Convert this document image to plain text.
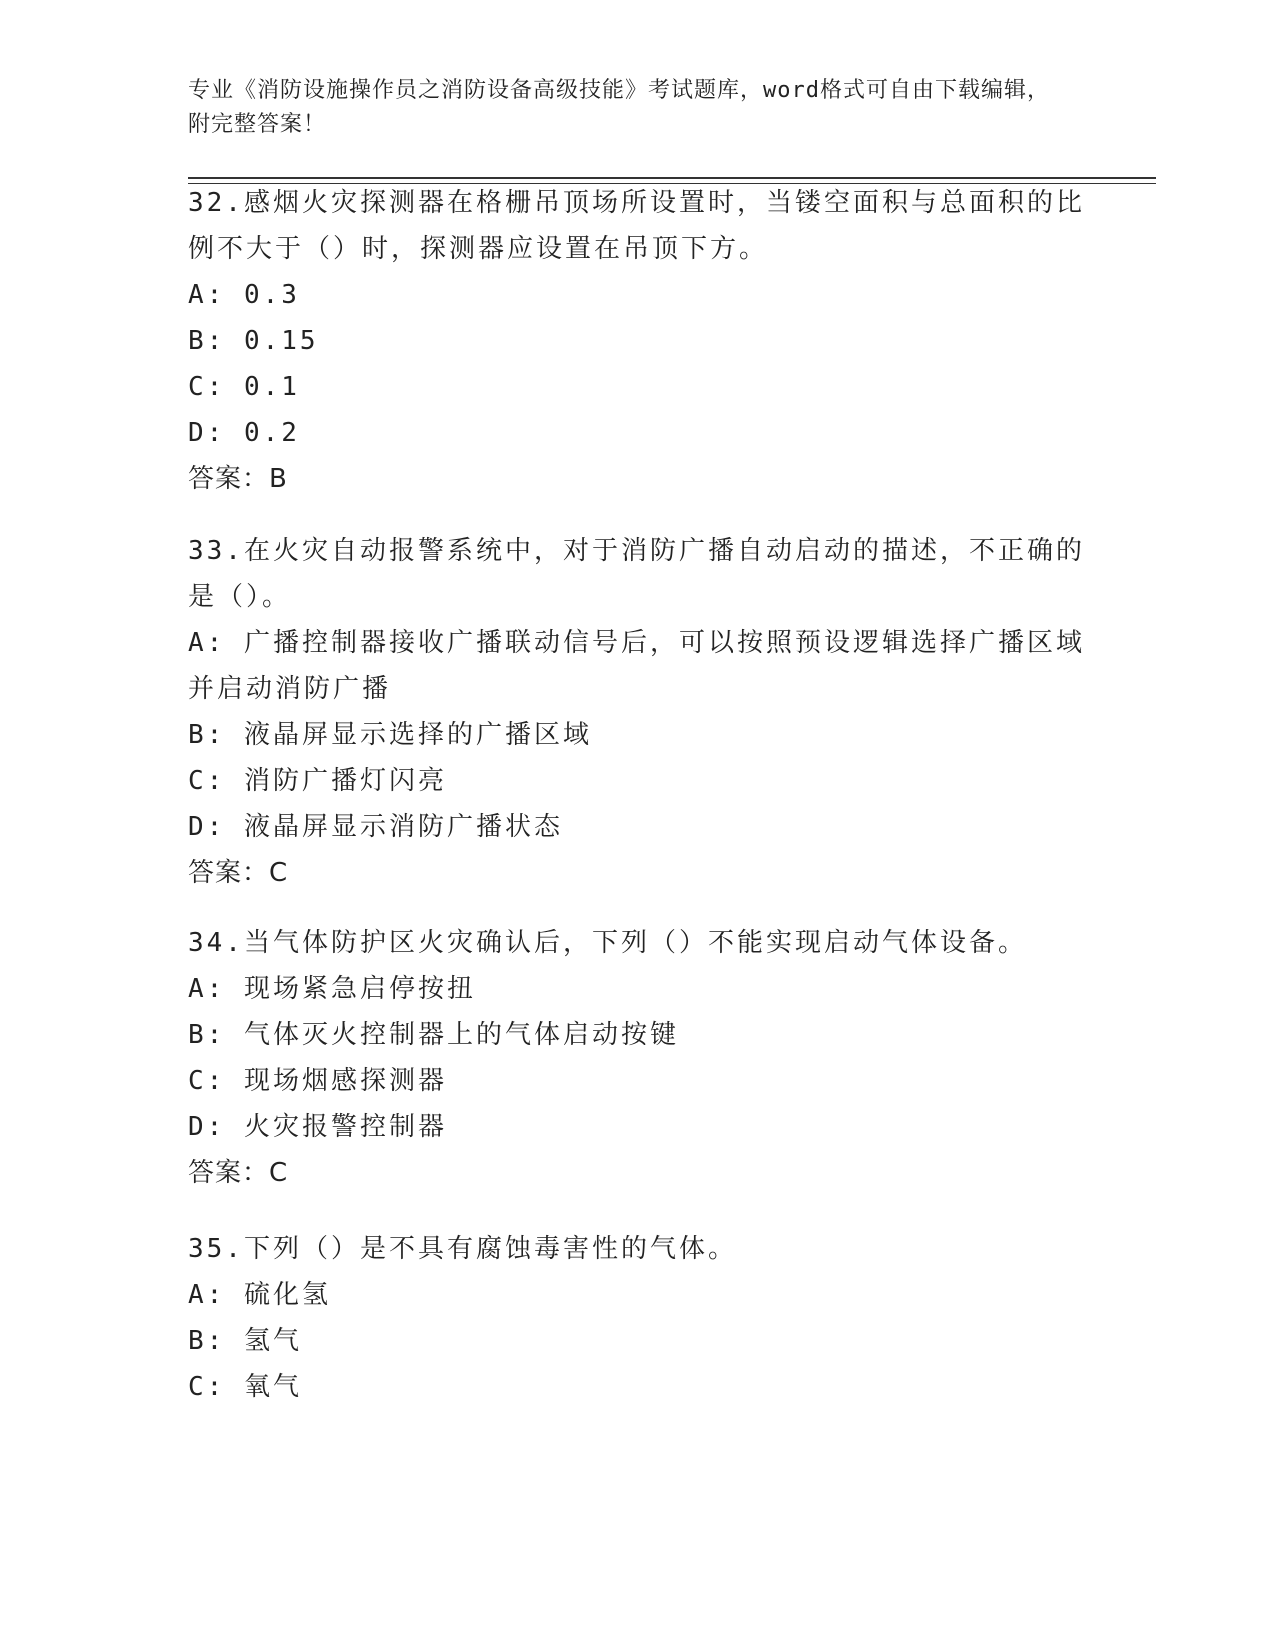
专业《消防设施操作员之消防设备高级技能》考试题库，word格式可自由下载编辑，附完整答案！

32.感烟火灾探测器在格栅吊顶场所设置时，当镂空面积与总面积的比例不大于（）时，探测器应设置在吊顶下方。

A: 0.3

B: 0.15

C: 0.1

D: 0.2

答案：B

33.在火灾自动报警系统中，对于消防广播自动启动的描述，不正确的是（）。

A: 广播控制器接收广播联动信号后，可以按照预设逻辑选择广播区域并启动消防广播

B: 液晶屏显示选择的广播区域

C: 消防广播灯闪亮

D: 液晶屏显示消防广播状态

答案：C

34.当气体防护区火灾确认后，下列（）不能实现启动气体设备。

A: 现场紧急启停按扭

B: 气体灭火控制器上的气体启动按键

C: 现场烟感探测器

D: 火灾报警控制器

答案：C

35.下列（）是不具有腐蚀毒害性的气体。

A: 硫化氢

B: 氢气

C: 氧气
